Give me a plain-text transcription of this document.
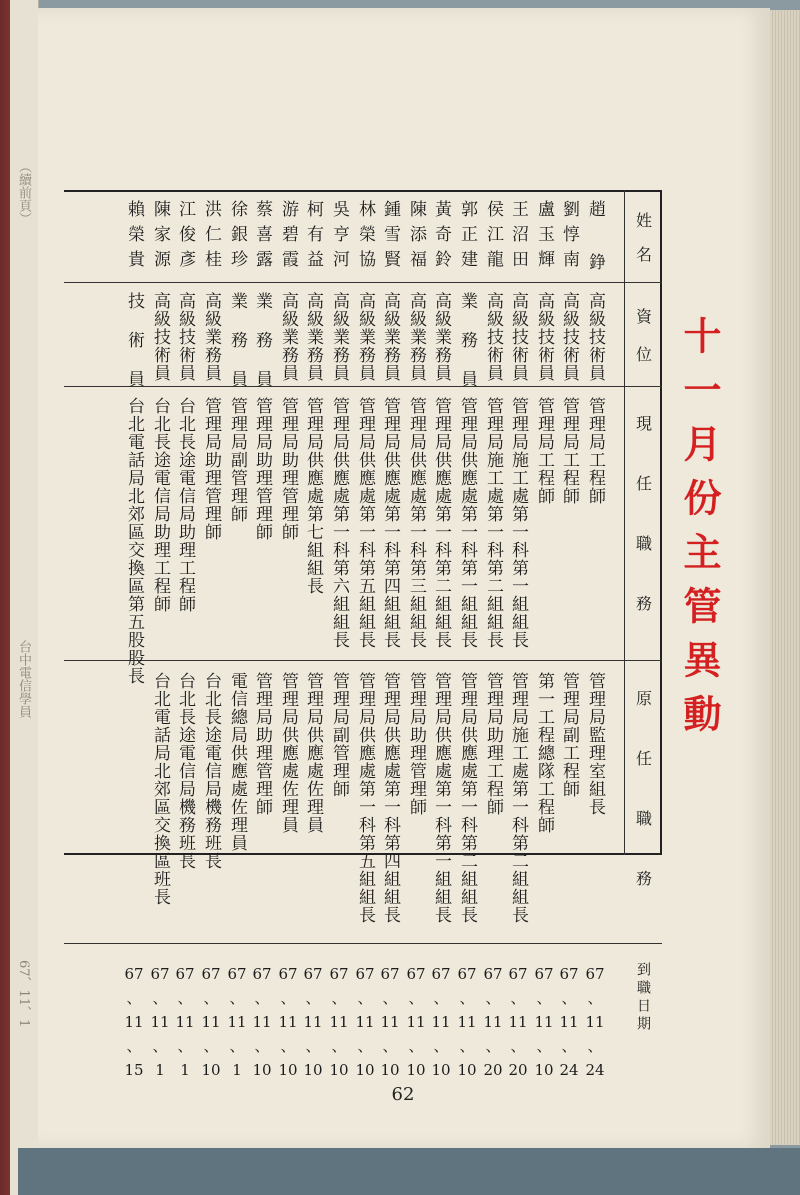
（續前頁）
台中電信學員
67、11、1
十一月份主管異動
姓名
資位
現任職務
原任職務
到職日期
趙 錚
高級技術員
管理局工程師
管理局監理室組長
67
、
11
、
24
劉惇南
高級技術員
管理局工程師
管理局副工程師
67
、
11
、
24
盧玉輝
高級技術員
管理局工程師
第一工程總隊工程師
67
、
11
、
10
王沼田
高級技術員
管理局施工處第一科第一組組長
管理局施工處第一科第二組組長
67
、
11
、
20
侯江龍
高級技術員
管理局施工處第一科第二組組長
管理局助理工程師
67
、
11
、
20
郭正建
業 務 員
管理局供應處第一科第一組組長
管理局供應處第一科第二組組長
67
、
11
、
10
黃奇鈴
高級業務員
管理局供應處第一科第二組組長
管理局供應處第一科第一組組長
67
、
11
、
10
陳添福
高級業務員
管理局供應處第一科第三組組長
管理局助理管理師
67
、
11
、
10
鍾雪賢
高級業務員
管理局供應處第一科第四組組長
管理局供應處第一科第四組組長
67
、
11
、
10
林榮協
高級業務員
管理局供應處第一科第五組組長
管理局供應處第一科第五組組長
67
、
11
、
10
吳亨河
高級業務員
管理局供應處第一科第六組組長
管理局副管理師
67
、
11
、
10
柯有益
高級業務員
管理局供應處第七組組長
管理局供應處佐理員
67
、
11
、
10
游碧霞
高級業務員
管理局助理管理師
管理局供應處佐理員
67
、
11
、
10
蔡喜露
業 務 員
管理局助理管理師
管理局助理管理師
67
、
11
、
10
徐銀珍
業 務 員
管理局副管理師
電信總局供應處佐理員
67
、
11
、
1
洪仁桂
高級業務員
管理局助理管理師
台北長途電信局機務班長
67
、
11
、
10
江俊彥
高級技術員
台北長途電信局助理工程師
台北長途電信局機務班長
67
、
11
、
1
陳家源
高級技術員
台北長途電信局助理工程師
台北電話局北郊區交換區班長
67
、
11
、
1
賴榮貴
技 術 員
台北電話局北郊區交換區第五股股長
67
、
11
、
15
62
